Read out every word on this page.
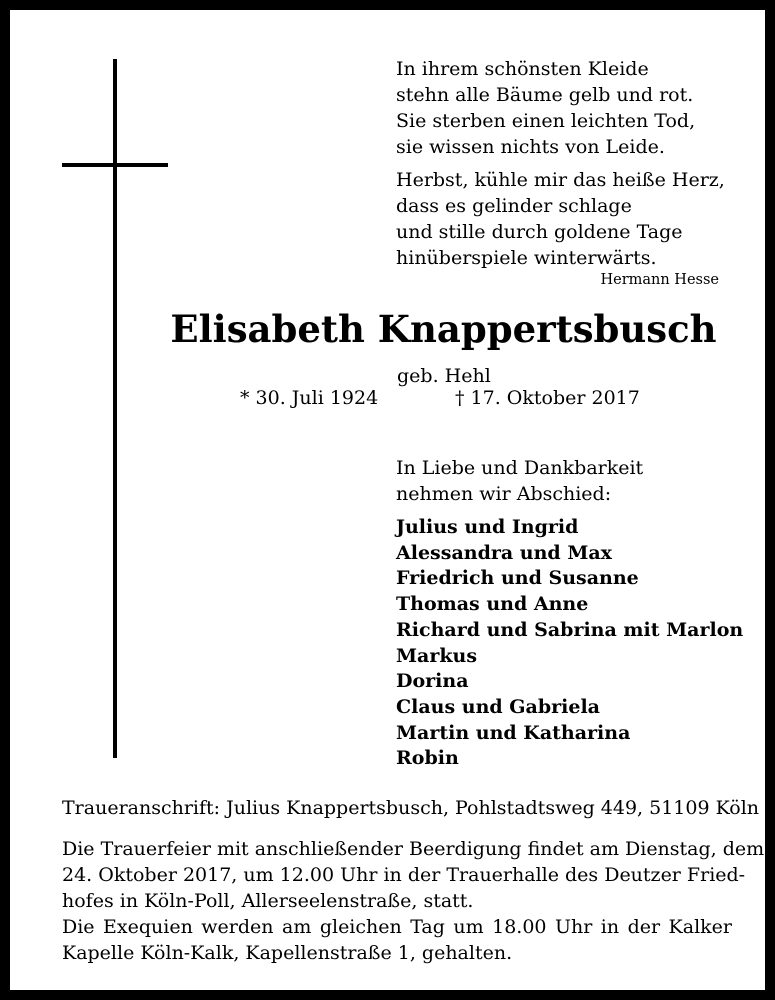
In ihrem schönsten Kleide
stehn alle Bäume gelb und rot.
Sie sterben einen leichten Tod,
sie wissen nichts von Leide.
Herbst, kühle mir das heiße Herz,
dass es gelinder schlage
und stille durch goldene Tage
hinüberspiele winterwärts.
Hermann Hesse
Elisabeth Knappertsbusch
geb. Hehl
* 30. Juli 1924	† 17. Oktober 2017
In Liebe und Dankbarkeit
nehmen wir Abschied:
Julius und Ingrid
Alessandra und Max
Friedrich und Susanne
Thomas und Anne
Richard und Sabrina mit Marlon
Markus
Dorina
Claus und Gabriela
Martin und Katharina
Robin
Traueranschrift: Julius Knappertsbusch, Pohlstadtsweg 449, 51109 Köln
Die Trauerfeier mit anschließender Beerdigung findet am Dienstag, dem
24. Oktober 2017, um 12.00 Uhr in der Trauerhalle des Deutzer Fried-
hofes in Köln-Poll, Allerseelenstraße, statt.
Die Exequien werden am gleichen Tag um 18.00 Uhr in der Kalker
Kapelle Köln-Kalk, Kapellenstraße 1, gehalten.
